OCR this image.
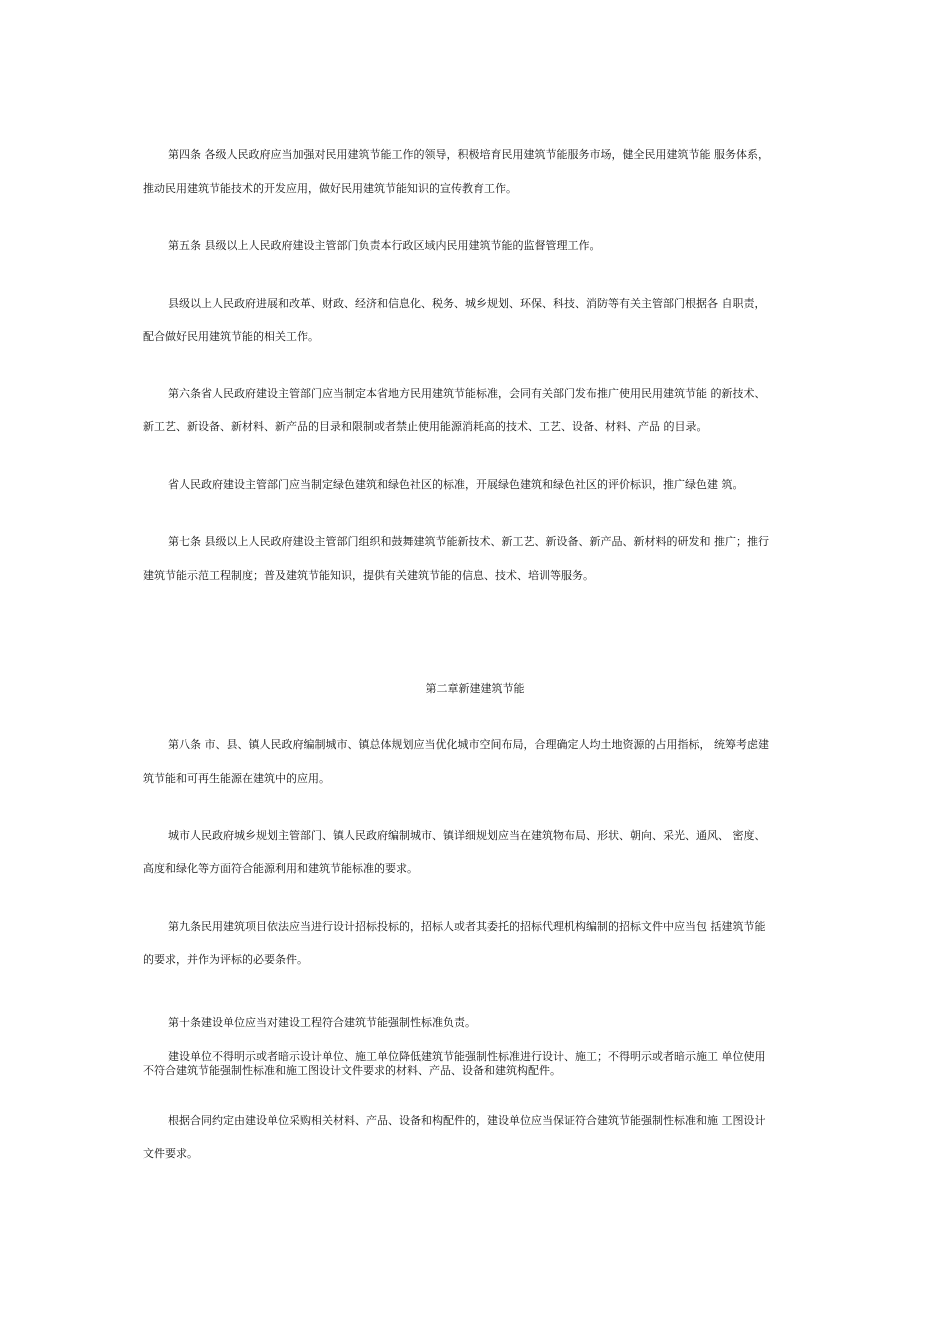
第四条 各级人民政府应当加强对民用建筑节能工作的领导，积极培育民用建筑节能服务市场，健全民用建筑节能 服务体系，
推动民用建筑节能技术的开发应用，做好民用建筑节能知识的宣传教育工作。
第五条 县级以上人民政府建设主管部门负责本行政区域内民用建筑节能的监督管理工作。
县级以上人民政府进展和改革、财政、经济和信息化、税务、城乡规划、环保、科技、消防等有关主管部门根据各 自职责，
配合做好民用建筑节能的相关工作。
第六条省人民政府建设主管部门应当制定本省地方民用建筑节能标准，会同有关部门发布推广使用民用建筑节能 的新技术、
新工艺、新设备、新材料、新产品的目录和限制或者禁止使用能源消耗高的技术、工艺、设备、材料、产品 的目录。
省人民政府建设主管部门应当制定绿色建筑和绿色社区的标准，开展绿色建筑和绿色社区的评价标识，推广绿色建 筑。
第七条 县级以上人民政府建设主管部门组织和鼓舞建筑节能新技术、新工艺、新设备、新产品、新材料的研发和 推广；推行
建筑节能示范工程制度；普及建筑节能知识，提供有关建筑节能的信息、技术、培训等服务。
第二章新建建筑节能
第八条 市、县、镇人民政府编制城市、镇总体规划应当优化城市空间布局，合理确定人均土地资源的占用指标， 统筹考虑建
筑节能和可再生能源在建筑中的应用。
城市人民政府城乡规划主管部门、镇人民政府编制城市、镇详细规划应当在建筑物布局、形状、朝向、采光、通风、 密度、
高度和绿化等方面符合能源利用和建筑节能标准的要求。
第九条民用建筑项目依法应当进行设计招标投标的，招标人或者其委托的招标代理机构编制的招标文件中应当包 括建筑节能
的要求，并作为评标的必要条件。
第十条建设单位应当对建设工程符合建筑节能强制性标准负责。
建设单位不得明示或者暗示设计单位、施工单位降低建筑节能强制性标准进行设计、施工；不得明示或者暗示施工 单位使用
不符合建筑节能强制性标准和施工图设计文件要求的材料、产品、设备和建筑构配件。
根据合同约定由建设单位采购相关材料、产品、设备和构配件的，建设单位应当保证符合建筑节能强制性标准和施 工图设计
文件要求。
